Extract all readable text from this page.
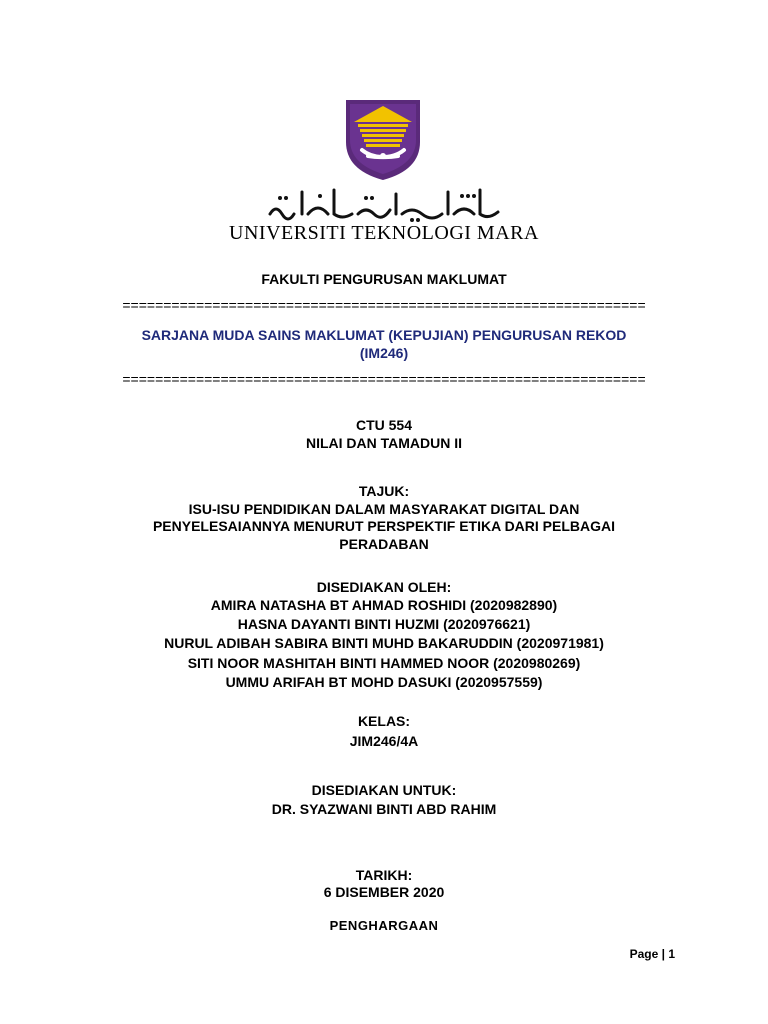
UNIVERSITI TEKNOLOGI MARA
FAKULTI PENGURUSAN MAKLUMAT
================================================================
SARJANA MUDA SAINS MAKLUMAT (KEPUJIAN) PENGURUSAN REKOD
(IM246)
================================================================
CTU 554
NILAI DAN TAMADUN II
TAJUK:
ISU-ISU PENDIDIKAN DALAM MASYARAKAT DIGITAL DAN
PENYELESAIANNYA MENURUT PERSPEKTIF ETIKA DARI PELBAGAI
PERADABAN
DISEDIAKAN OLEH:
AMIRA NATASHA BT AHMAD ROSHIDI (2020982890)
HASNA DAYANTI BINTI HUZMI (2020976621)
NURUL ADIBAH SABIRA BINTI MUHD BAKARUDDIN (2020971981)
SITI NOOR MASHITAH BINTI HAMMED NOOR (2020980269)
UMMU ARIFAH BT MOHD DASUKI (2020957559)
KELAS:
JIM246/4A
DISEDIAKAN UNTUK:
DR. SYAZWANI BINTI ABD RAHIM
TARIKH:
6 DISEMBER 2020
PENGHARGAAN
Page | 1
